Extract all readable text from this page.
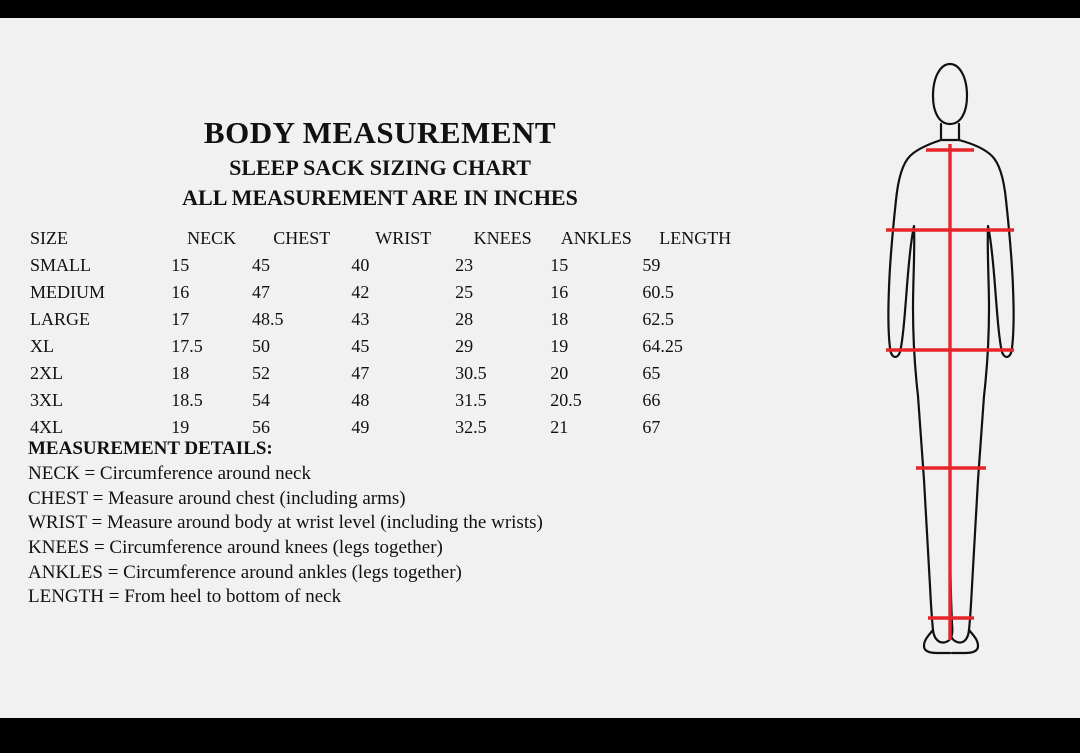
BODY MEASUREMENT
SLEEP SACK SIZING CHART
ALL MEASUREMENT ARE IN INCHES
SIZE	NECK	CHEST	WRIST	KNEES	ANKLES	LENGTH
SMALL	15	45	40	23	15	59
MEDIUM	16	47	42	25	16	60.5
LARGE	17	48.5	43	28	18	62.5
XL	17.5	50	45	29	19	64.25
2XL	18	52	47	30.5	20	65
3XL	18.5	54	48	31.5	20.5	66
4XL	19	56	49	32.5	21	67
MEASUREMENT DETAILS:
NECK = Circumference around neck
CHEST = Measure around chest (including arms)
WRIST = Measure around body at wrist level (including the wrists)
KNEES = Circumference around knees (legs together)
ANKLES = Circumference around ankles (legs together)
LENGTH = From heel to bottom of neck
